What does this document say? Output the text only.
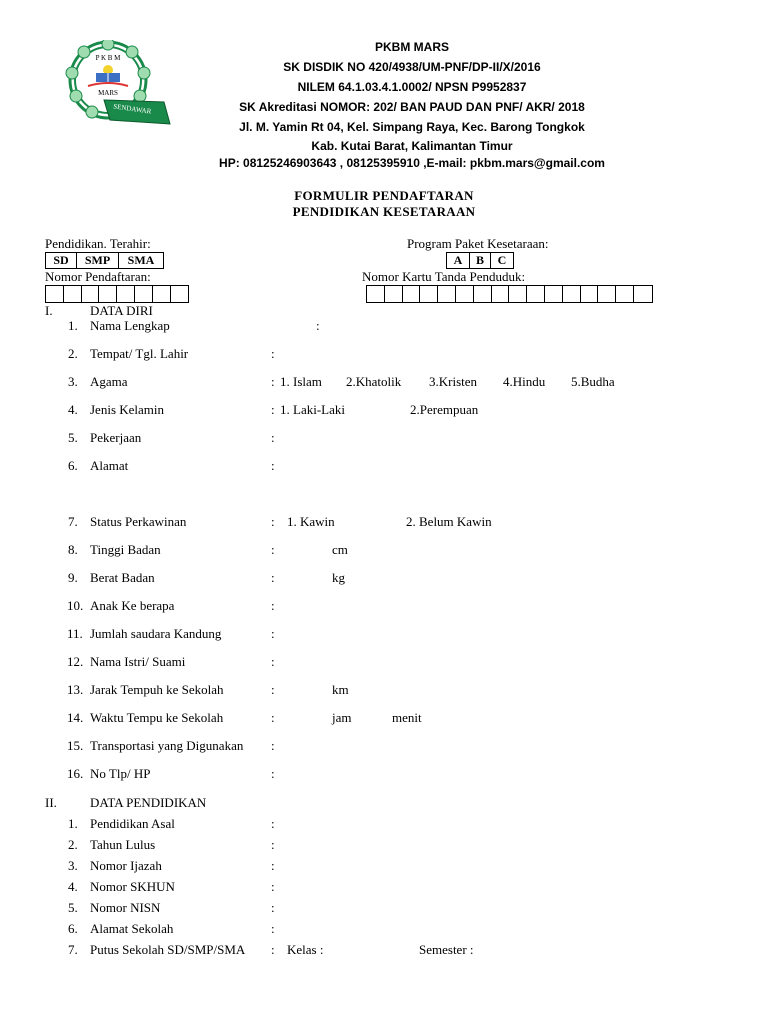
P K B M
MARS
SENDAWAR
PKBM MARS
SK DISDIK NO 420/4938/UM-PNF/DP-II/X/2016
NILEM 64.1.03.4.1.0002/ NPSN P9952837
SK Akreditasi NOMOR: 202/ BAN PAUD DAN PNF/ AKR/ 2018
Jl. M. Yamin Rt 04, Kel. Simpang Raya, Kec. Barong Tongkok
Kab. Kutai Barat, Kalimantan Timur
HP: 08125246903643 , 08125395910 ,E-mail: pkbm.mars@gmail.com
FORMULIR PENDAFTARAN
PENDIDIKAN KESETARAAN
Pendidikan. Terahir:	Program Paket Kesetaraan:
SD	SMP	SMA	A	B	C
Nomor Pendaftaran:	Nomor Kartu Tanda Penduduk:
I.	DATA DIRI
1. Nama Lengkap	:
2. Tempat/ Tgl. Lahir	:
3. Agama	: 1. Islam 2.Khatolik 3.Kristen 4.Hindu 5.Budha
4. Jenis Kelamin	: 1. Laki-Laki	2.Perempuan
5. Pekerjaan	:
6. Alamat	:
7. Status Perkawinan	: 1. Kawin	2. Belum Kawin
8. Tinggi Badan	:	cm
9. Berat Badan	:	kg
10. Anak Ke berapa	:
11. Jumlah saudara Kandung	:
12. Nama Istri/ Suami	:
13. Jarak Tempuh ke Sekolah	:	km
14. Waktu Tempu ke Sekolah	:	jam	menit
15. Transportasi yang Digunakan :
16. No Tlp/ HP	:
II.	DATA PENDIDIKAN
1. Pendidikan Asal	:
2. Tahun Lulus	:
3. Nomor Ijazah	:
4. Nomor SKHUN	:
5. Nomor NISN	:
6. Alamat Sekolah	:
7. Putus Sekolah SD/SMP/SMA : Kelas :	Semester :
